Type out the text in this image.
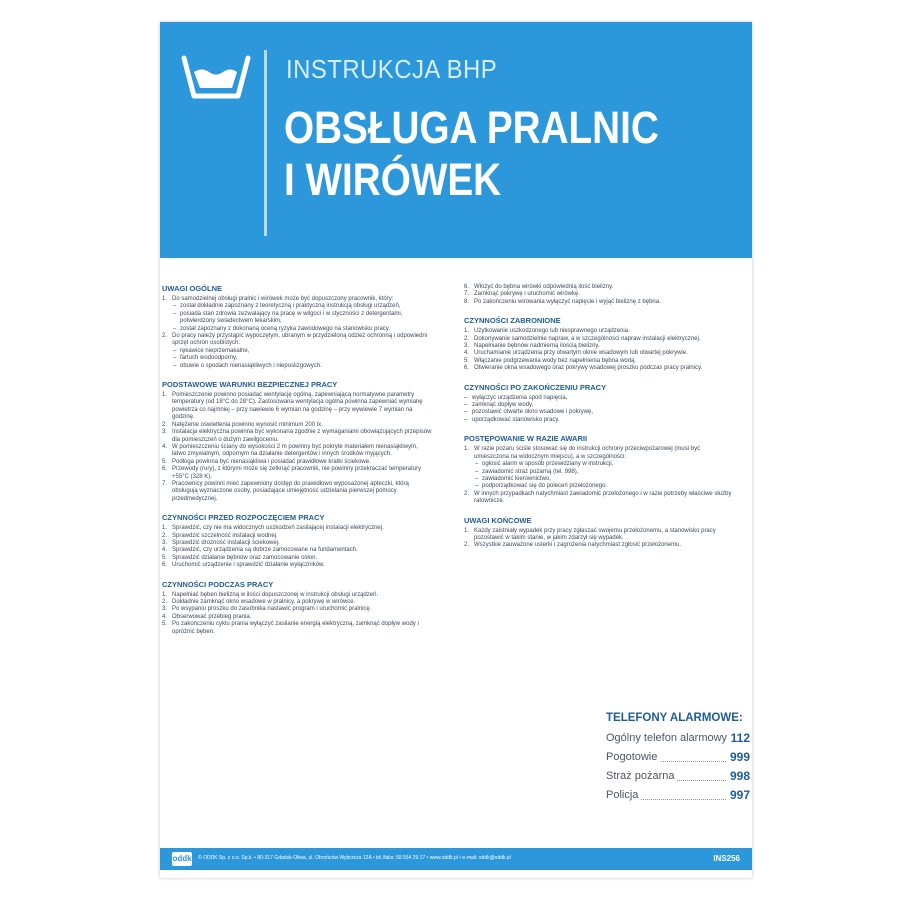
INSTRUKCJA BHP
OBSŁUGA PRALNIC
I WIRÓWEK
UWAGI OGÓLNE
1. Do samodzielnej obsługi pralnic i wirówek może być dopuszczony pracownik, który:
– został dokładnie zapoznany z teoretyczną i praktyczną instrukcją obsługi urządzeń,
– posiada stan zdrowia zezwalający na pracę w wilgoci i w styczności z detergentami, potwierdzony świadectwem lekarskim,
– został zapoznany z dokonaną oceną ryzyka zawodowego na stanowisku pracy.
2. Do pracy należy przystąpić wypoczętym, ubranym w przydzieloną odzież ochronną i odpowiedni sprzęt ochron osobistych:
– rękawice nieprzemakalne,
– fartuch wodoodporny,
– obuwie o spodach nienasiąkliwych i nieposlizgowych.
PODSTAWOWE WARUNKI BEZPIECZNEJ PRACY
1. Pomieszczenie powinno posiadać wentylację ogólną, zapewniającą normatywne parametry temperatury (od 18°C do 28°C). Zastosowana wentylacja ogólna powinna zapewniać wymianę powietrza co najmniej – przy nawiewie 6 wymian na godzinę – przy wywiewie 7 wymian na godzinę.
2. Natężenie oświetlenia powinno wynosić minimum 200 lx.
3. Instalacja elektryczna powinna być wykonana zgodnie z wymaganiami obowiązujących przepisów dla pomieszczeń o dużym zawilgoceniu.
4. W pomieszczeniu ściany do wysokości 2 m powinny być pokryte materiałem nienasiąkliwym, łatwo zmywalnym, odpornym na działanie detergentów i innych środków myjących.
5. Podłoga powinna być nienasiąkliwa i posiadać prawidłowe kratki ściekowe.
6. Przewody (rury), z którymi może się zetknąć pracownik, nie powinny przekraczać temperatury +55°C (328 K).
7. Pracownicy powinni mieć zapewniony dostęp do prawidłowo wyposażonej apteczki, którą obsługują wyznaczone osoby, posiadające umiejętność udzielania pierwszej pomocy przedmedycznej.
CZYNNOŚCI PRZED ROZPOCZĘCIEM PRACY
1. Sprawdzić, czy nie ma widocznych uszkodzeń zasilającej instalacji elektrycznej.
2. Sprawdzić szczelność instalacji wodnej.
3. Sprawdzić drożność instalacji ściekowej.
4. Sprawdzić, czy urządzenia są dobrze zamocowane na fundamentach.
5. Sprawdzić działanie bębnów oraz zamocowanie osłon.
6. Uruchomić urządzenie i sprawdzić działanie wyłączników.
CZYNNOŚCI PODCZAS PRACY
1. Napełniać bęben bielizną w ilości dopuszczonej w instrukcji obsługi urządzeń.
2. Dokładnie zamknąć okno wsadowe w pralnicy, a pokrywę w wirówce.
3. Po wsypaniu proszku do zasobnika nastawić program i uruchomić pralnicę.
4. Obserwować przebieg prania.
5. Po zakończeniu cyklu prania wyłączyć zasilanie energią elektryczną, zamknąć dopływ wody i opróżnić bęben.
6. Włożyć do bębna wirówki odpowiednią ilość bielizny.
7. Zamknąć pokrywę i uruchomić wirówkę.
8. Po zakończeniu wirowania wyłączyć napięcie i wyjąć bieliznę z bębna.
CZYNNOŚCI ZABRONIONE
1. Użytkowanie uszkodzonego lub niesprawnego urządzenia.
2. Dokonywanie samodzielnie napraw, a w szczególności napraw instalacji elektrycznej.
3. Napełnianie bębnów nadmierną ilością bielizny.
4. Uruchamianie urządzenia przy otwartym oknie wsadowym lub otwartej pokrywie.
5. Włączanie podgrzewania wody bez napełnienia bębna wodą.
6. Otwieranie okna wsadowego oraz pokrywy wsadowej proszku podczas pracy pralnicy.
CZYNNOŚCI PO ZAKOŃCZENIU PRACY
– wyłączyć urządzenia spod napięcia,
– zamknąć dopływ wody,
– pozostawić otwarte okno wsadowe i pokrywę,
– uporządkować stanowisko pracy.
POSTĘPOWANIE W RAZIE AWARII
1. W razie pożaru ściśle stosować się do instrukcji ochrony przeciwpożarowej (musi być umieszczona na widocznym miejscu), a w szczególności:
– ogłosić alarm w sposób przewidziany w instrukcji,
– zawiadomić straż pożarną (tel. 998),
– zawiadomić kierownictwo,
– podporządkować się do poleceń przełożonego.
2. W innych przypadkach natychmiast zawiadomić przełożonego i w razie potrzeby właściwe służby ratownicze.
UWAGI KOŃCOWE
1. Każdy zaistniały wypadek przy pracy zgłaszać swojemu przełożonemu, a stanowisko pracy pozostawić w takim stanie, w jakim zdarzył się wypadek.
2. Wszystkie zauważone usterki i zagrożenia natychmiast zgłosić przełożonemu.
TELEFONY ALARMOWE:
Ogólny telefon alarmowy 112
Pogotowie	999
Straż pożarna	998
Policja	997
oddk © ODDK Sp. z o.o. Sp.k. • 80-317 Gdańsk-Oliwa, ul. Obrońców Wybrzeża 12A • tel./faks: 58 554 29 17 • www.oddk.pl • e-mail: oddk@oddk.pl	INS256
